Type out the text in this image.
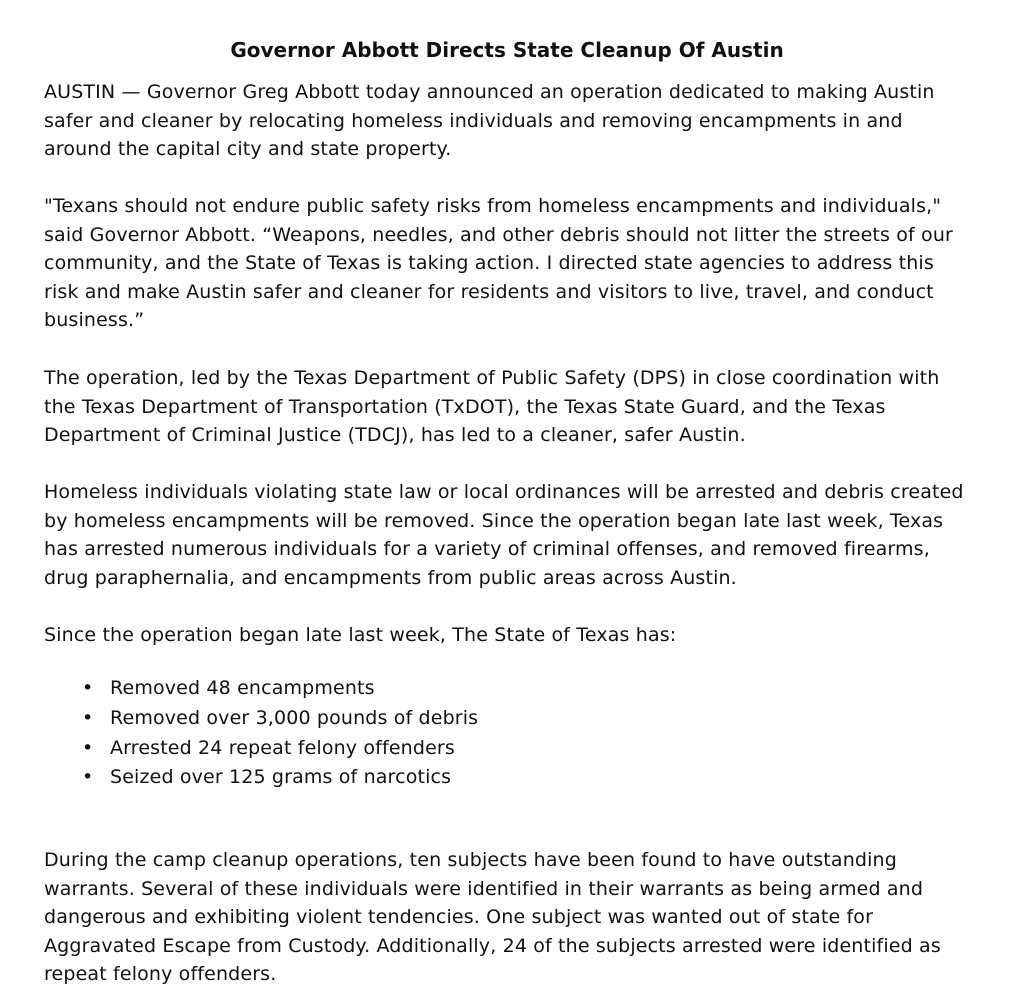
Governor Abbott Directs State Cleanup Of Austin

AUSTIN — Governor Greg Abbott today announced an operation dedicated to making Austin safer and cleaner by relocating homeless individuals and removing encampments in and around the capital city and state property.

"Texans should not endure public safety risks from homeless encampments and individuals," said Governor Abbott. “Weapons, needles, and other debris should not litter the streets of our community, and the State of Texas is taking action. I directed state agencies to address this risk and make Austin safer and cleaner for residents and visitors to live, travel, and conduct business.”

The operation, led by the Texas Department of Public Safety (DPS) in close coordination with the Texas Department of Transportation (TxDOT), the Texas State Guard, and the Texas Department of Criminal Justice (TDCJ), has led to a cleaner, safer Austin.

Homeless individuals violating state law or local ordinances will be arrested and debris created by homeless encampments will be removed. Since the operation began late last week, Texas has arrested numerous individuals for a variety of criminal offenses, and removed firearms, drug paraphernalia, and encampments from public areas across Austin.

Since the operation began late last week, The State of Texas has:

• Removed 48 encampments
• Removed over 3,000 pounds of debris
• Arrested 24 repeat felony offenders
• Seized over 125 grams of narcotics

During the camp cleanup operations, ten subjects have been found to have outstanding warrants. Several of these individuals were identified in their warrants as being armed and dangerous and exhibiting violent tendencies. One subject was wanted out of state for Aggravated Escape from Custody. Additionally, 24 of the subjects arrested were identified as repeat felony offenders.
